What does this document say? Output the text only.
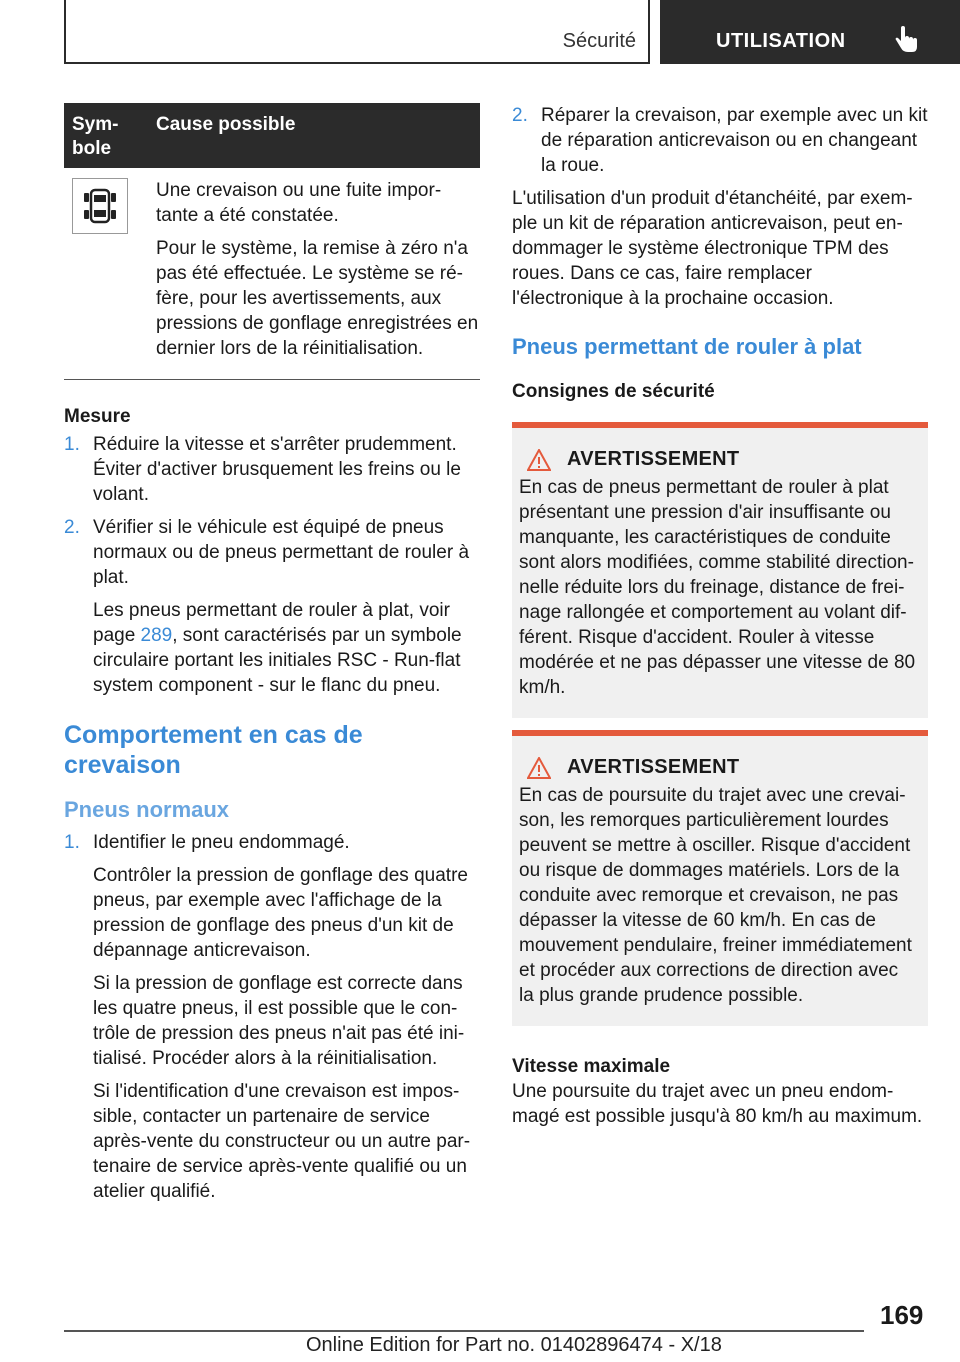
Sécurité	UTILISATION
Sym-
bole
Cause possible

Une crevaison ou une fuite impor-tante a été constatée.

Pour le système, la remise à zéro n'a pas été effectuée. Le système se ré-fère, pour les avertissements, aux pressions de gonflage enregistrées en dernier lors de la réinitialisation.

Mesure
1. Réduire la vitesse et s'arrêter prudemment. Éviter d'activer brusquement les freins ou le volant.
2. Vérifier si le véhicule est équipé de pneus normaux ou de pneus permettant de rouler à plat.

Les pneus permettant de rouler à plat, voir page 289, sont caractérisés par un symbole circulaire portant les initiales RSC - Run-flat system component - sur le flanc du pneu.

Comportement en cas de crevaison
Pneus normaux
1. Identifier le pneu endommagé.

Contrôler la pression de gonflage des quatre pneus, par exemple avec l'affichage de la pression de gonflage des pneus d'un kit de dépannage anticrevaison.

Si la pression de gonflage est correcte dans les quatre pneus, il est possible que le con-trôle de pression des pneus n'ait pas été ini-tialisé. Procéder alors à la réinitialisation.

Si l'identification d'une crevaison est impos-sible, contacter un partenaire de service après-vente du constructeur ou un autre par-tenaire de service après-vente qualifié ou un atelier qualifié.

2. Réparer la crevaison, par exemple avec un kit de réparation anticrevaison ou en changeant la roue.

L'utilisation d'un produit d'étanchéité, par exem-ple un kit de réparation anticrevaison, peut en-dommager le système électronique TPM des roues. Dans ce cas, faire remplacer l'électronique à la prochaine occasion.

Pneus permettant de rouler à plat
Consignes de sécurité
AVERTISSEMENT

En cas de pneus permettant de rouler à plat présentant une pression d'air insuffisante ou manquante, les caractéristiques de conduite sont alors modifiées, comme stabilité direction-nelle réduite lors du freinage, distance de frei-nage rallongée et comportement au volant dif-férent. Risque d'accident. Rouler à vitesse modérée et ne pas dépasser une vitesse de 80 km/h.

AVERTISSEMENT

En cas de poursuite du trajet avec une crevai-son, les remorques particulièrement lourdes peuvent se mettre à osciller. Risque d'accident ou risque de dommages matériels. Lors de la conduite avec remorque et crevaison, ne pas dépasser la vitesse de 60 km/h. En cas de mouvement pendulaire, freiner immédiatement et procéder aux corrections de direction avec la plus grande prudence possible.

Vitesse maximale

Une poursuite du trajet avec un pneu endom-magé est possible jusqu'à 80 km/h au maximum.

169
Online Edition for Part no. 01402896474 - X/18
